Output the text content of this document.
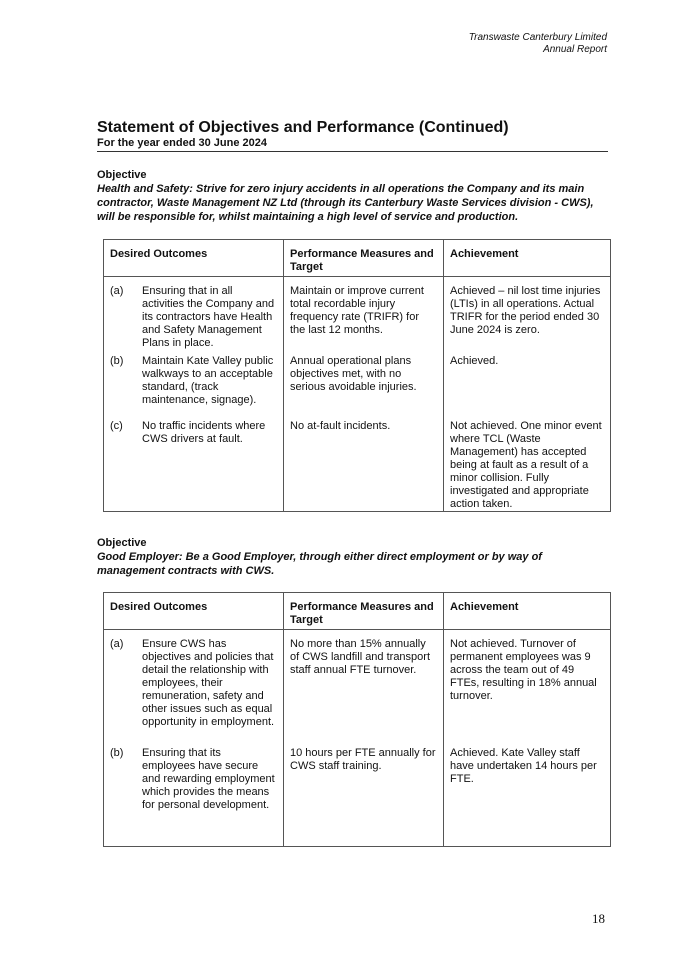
Transwaste Canterbury Limited
Annual Report
Statement of Objectives and Performance (Continued)
For the year ended 30 June 2024
Objective
Health and Safety: Strive for zero injury accidents in all operations the Company and its main contractor, Waste Management NZ Ltd (through its Canterbury Waste Services division - CWS), will be responsible for, whilst maintaining a high level of service and production.
Desired Outcomes	Performance Measures and Target	Achievement

(a) Ensuring that in all activities the Company and its contractors have Health and Safety Management Plans in place.	Maintain or improve current total recordable injury frequency rate (TRIFR) for the last 12 months.	Achieved – nil lost time injuries (LTIs) in all operations. Actual TRIFR for the period ended 30 June 2024 is zero.

(b) Maintain Kate Valley public walkways to an acceptable standard, (track maintenance, signage).	Annual operational plans objectives met, with no serious avoidable injuries.	Achieved.

(c) No traffic incidents where CWS drivers at fault.	No at-fault incidents.	Not achieved. One minor event where TCL (Waste Management) has accepted being at fault as a result of a minor collision. Fully investigated and appropriate action taken.
Objective
Good Employer: Be a Good Employer, through either direct employment or by way of management contracts with CWS.
Desired Outcomes	Performance Measures and Target	Achievement

(a) Ensure CWS has objectives and policies that detail the relationship with employees, their remuneration, safety and other issues such as equal opportunity in employment.	No more than 15% annually of CWS landfill and transport staff annual FTE turnover.	Not achieved. Turnover of permanent employees was 9 across the team out of 49 FTEs, resulting in 18% annual turnover.

(b) Ensuring that its employees have secure and rewarding employment which provides the means for personal development.	10 hours per FTE annually for CWS staff training.	Achieved. Kate Valley staff have undertaken 14 hours per FTE.
18
